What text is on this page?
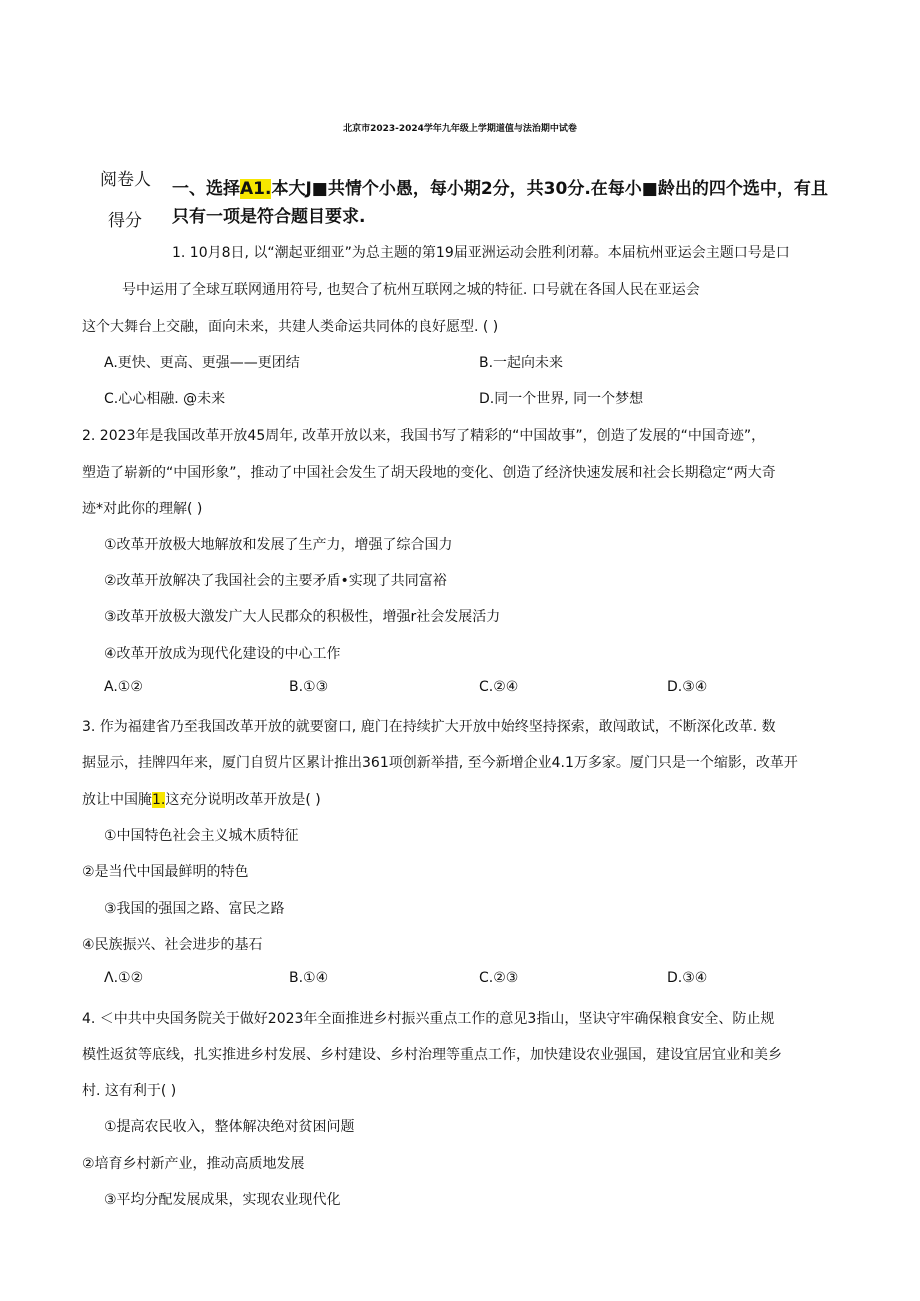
北京市2023-2024学年九年级上学期道值与法治期中试卷
阅卷人
得分
一、选择A1.本大J■共情个小愚，每小期2分，共30分.在每小■龄出的四个选中，有且
只有一项是符合题目要求.
1. 10月8日, 以“潮起亚细亚”为总主题的第19届亚洲运动会胜利闭幕。本届杭州亚运会主题口号是口
号中运用了全球互联网通用符号, 也契合了杭州互联网之城的特征. 口号就在各国人民在亚运会
这个大舞台上交融，面向未来，共建人类命运共同体的良好愿型. ( )
A.更快、更高、更强——更团结	B.一起向未来
C.心心相融. @未来	D.同一个世界, 同一个梦想
2. 2023年是我国改革开放45周年, 改革开放以来，我国书写了精彩的“中国故事”，创造了发展的“中国奇迹”，
塑造了崭新的“中国形象”，推动了中国社会发生了胡天段地的变化、创造了经济快速发展和社会长期稳定“两大奇
迹*对此你的理解( )
①改革开放极大地解放和发展了生产力，增强了综合国力
②改革开放解决了我国社会的主要矛盾•实现了共同富裕
③改革开放极大激发广大人民郡众的积极性，增强r社会发展活力
④改革开放成为现代化建设的中心工作
A.①②	B.①③	C.②④	D.③④
3. 作为福建省乃至我国改革开放的就要窗口, 鹿门在持续扩大开放中始终坚持探索，敢闯敢试，不断深化改革. 数
据显示，挂牌四年来，厦门自贸片区累计推出361项创新举措, 至今新增企业4.1万多家。厦门只是一个缩影，改革开
放让中国腌1.这充分说明改革开放是( )
①中国特色社会主义城木质特征
②是当代中国最鲜明的特色
③我国的强国之路、富民之路
④民族振兴、社会进步的基石
Λ.①②	B.①④	C.②③	D.③④
4. ＜中共中央国务院关于做好2023年全面推进乡村振兴重点工作的意见3指山，坚诀守牢确保粮食安全、防止规
模性返贫等底线，扎实推进乡村发展、乡村建设、乡村治理等重点工作，加快建设农业强国，建设宜居宜业和美乡
村. 这有利于( )
①提高农民收入，整体解决绝对贫困问题
②培育乡村新产业，推动高质地发展
③平均分配发展成果，实现农业现代化
